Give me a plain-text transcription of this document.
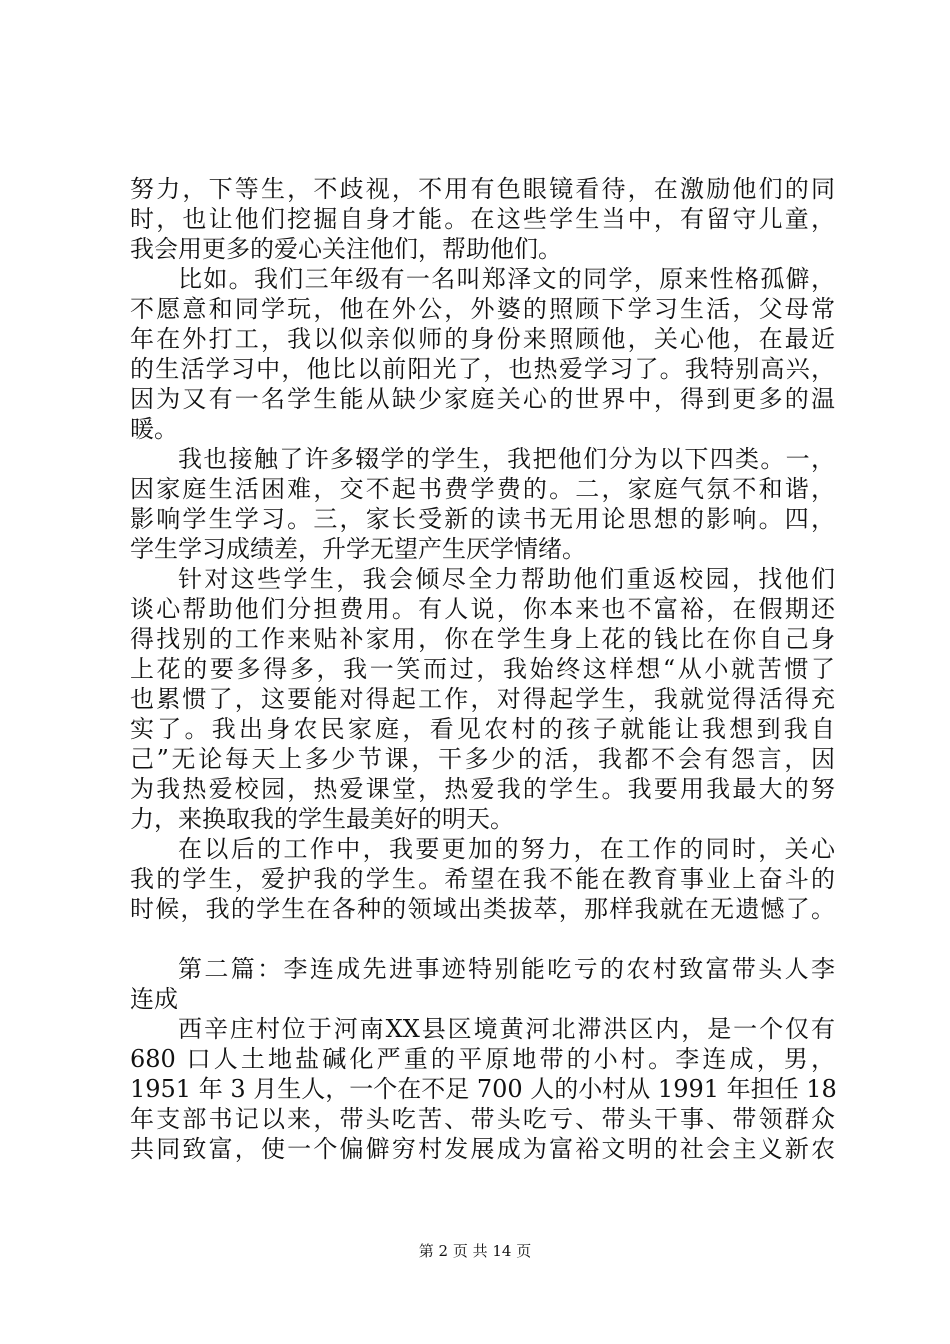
努力，下等生，不歧视，不用有色眼镜看待，在激励他们的同
时，也让他们挖掘自身才能。在这些学生当中，有留守儿童，
我会用更多的爱心关注他们，帮助他们。
比如。我们三年级有一名叫郑泽文的同学，原来性格孤僻，
不愿意和同学玩，他在外公，外婆的照顾下学习生活，父母常
年在外打工，我以似亲似师的身份来照顾他，关心他，在最近
的生活学习中，他比以前阳光了，也热爱学习了。我特别高兴，
因为又有一名学生能从缺少家庭关心的世界中，得到更多的温
暖。
我也接触了许多辍学的学生，我把他们分为以下四类。一，
因家庭生活困难，交不起书费学费的。二，家庭气氛不和谐，
影响学生学习。三，家长受新的读书无用论思想的影响。四，
学生学习成绩差，升学无望产生厌学情绪。
针对这些学生，我会倾尽全力帮助他们重返校园，找他们
谈心帮助他们分担费用。有人说，你本来也不富裕，在假期还
得找别的工作来贴补家用，你在学生身上花的钱比在你自己身
上花的要多得多，我一笑而过，我始终这样想“从小就苦惯了
也累惯了，这要能对得起工作，对得起学生，我就觉得活得充
实了。我出身农民家庭，看见农村的孩子就能让我想到我自
己”无论每天上多少节课，干多少的活，我都不会有怨言，因
为我热爱校园，热爱课堂，热爱我的学生。我要用我最大的努
力，来换取我的学生最美好的明天。
在以后的工作中，我要更加的努力，在工作的同时，关心
我的学生，爱护我的学生。希望在我不能在教育事业上奋斗的
时候，我的学生在各种的领域出类拔萃，那样我就在无遗憾了。
第二篇：李连成先进事迹特别能吃亏的农村致富带头人李
连成
西辛庄村位于河南XX县区境黄河北滞洪区内，是一个仅有
680 口人土地盐碱化严重的平原地带的小村。李连成，男，
1951 年 3 月生人，一个在不足 700 人的小村从 1991 年担任 18
年支部书记以来，带头吃苦、带头吃亏、带头干事、带领群众
共同致富，使一个偏僻穷村发展成为富裕文明的社会主义新农
第 2 页 共 14 页
